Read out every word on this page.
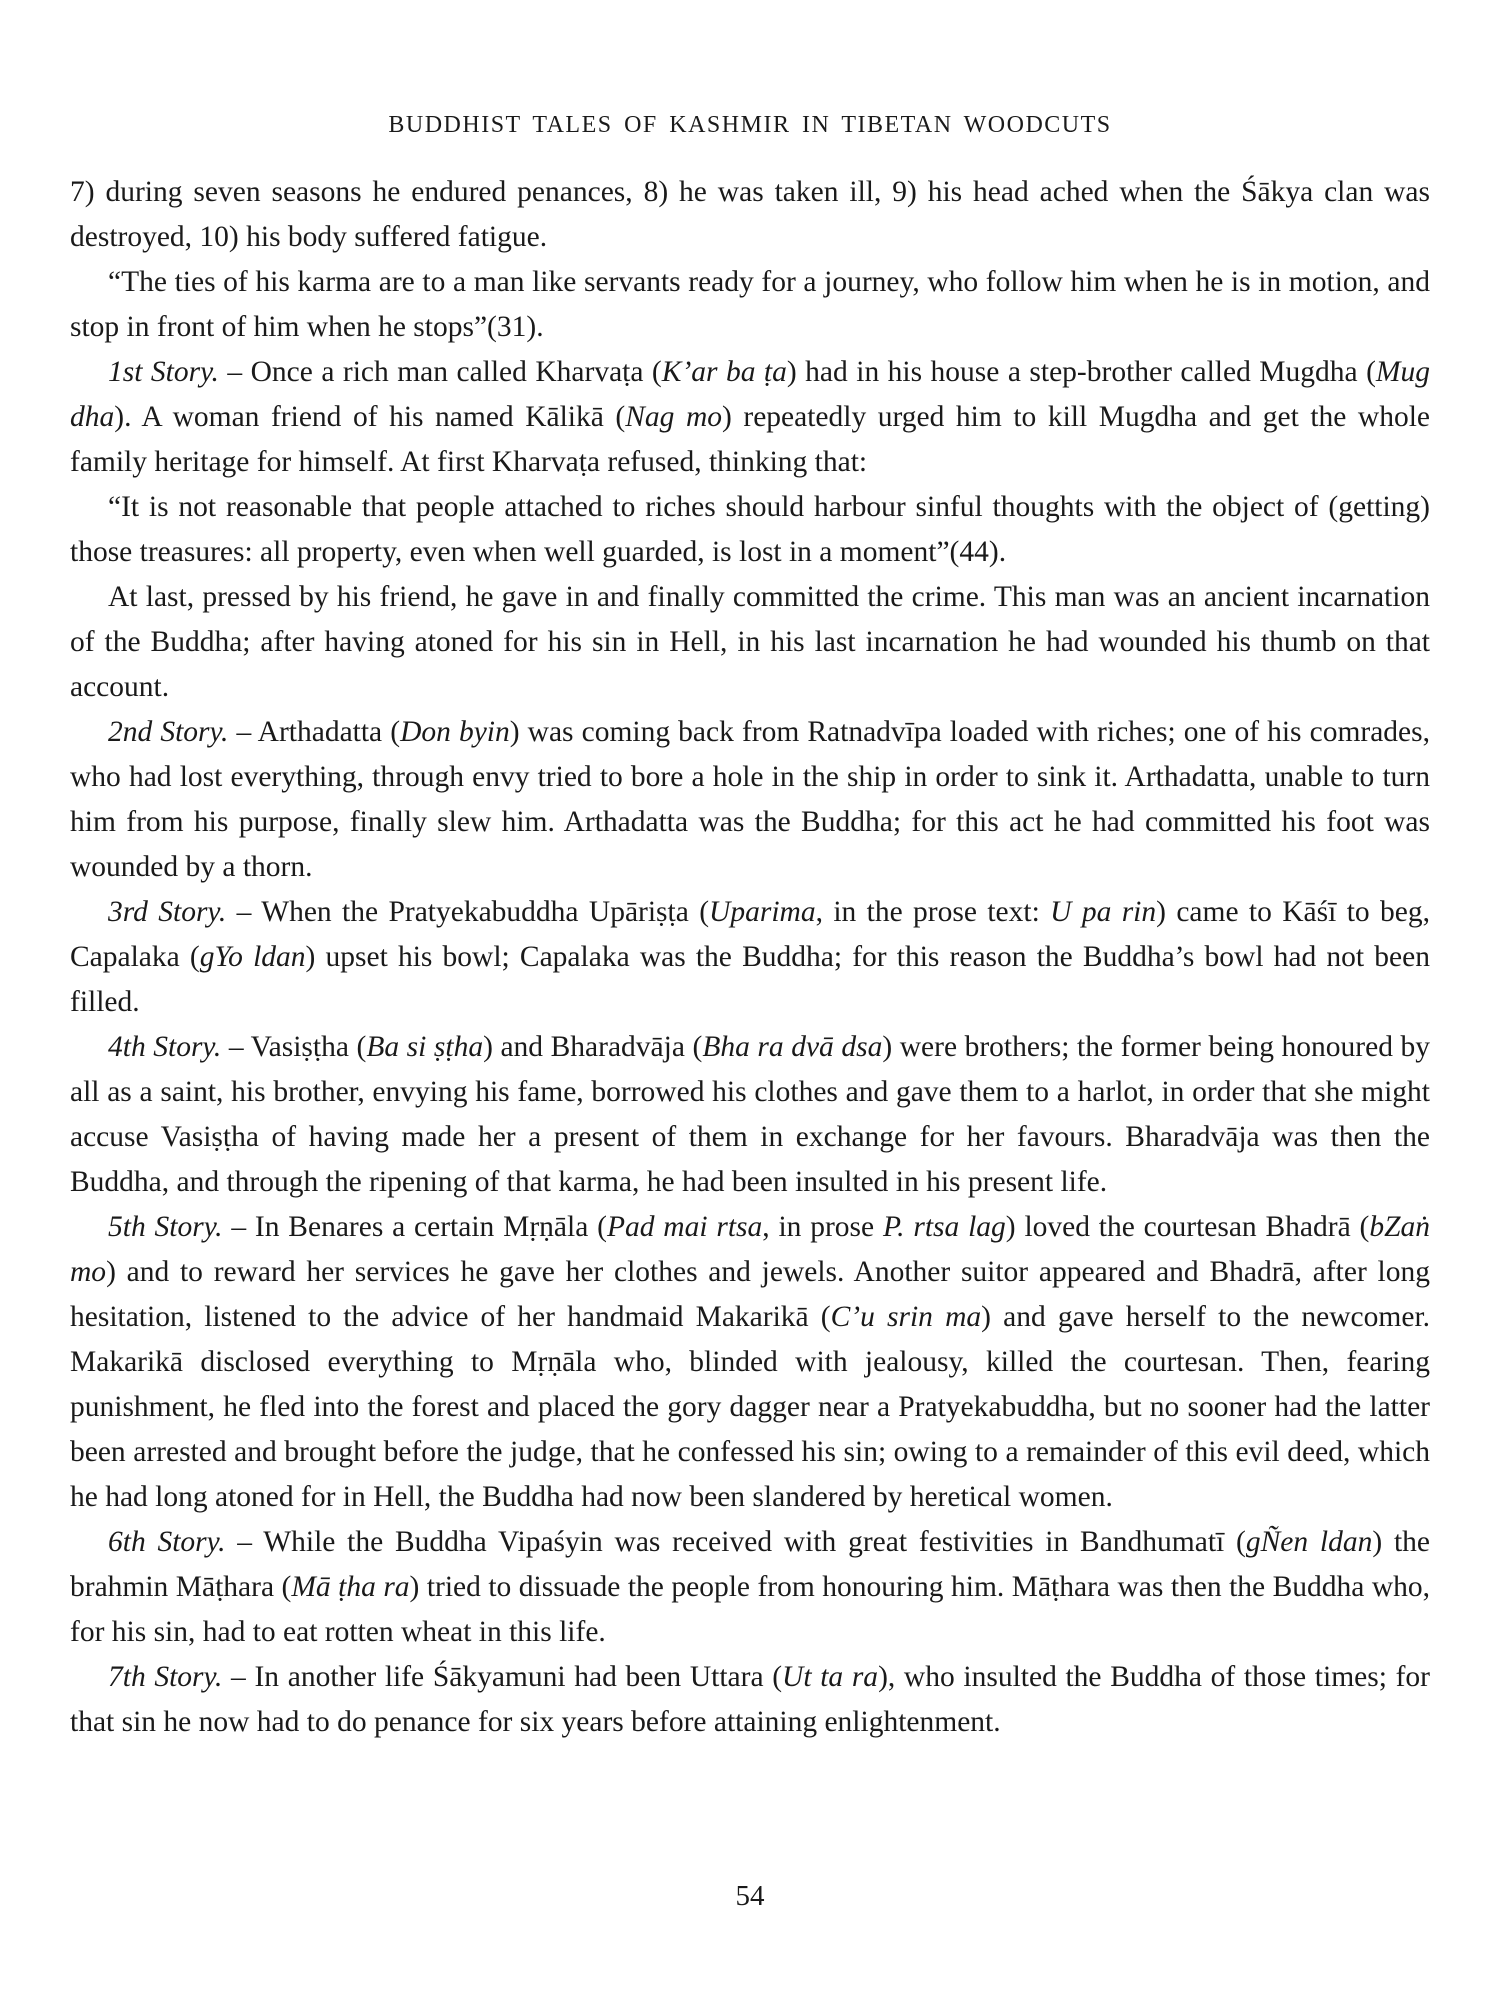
BUDDHIST TALES OF KASHMIR IN TIBETAN WOODCUTS

7) during seven seasons he endured penances, 8) he was taken ill, 9) his head ached when the Śākya clan was destroyed, 10) his body suffered fatigue.

“The ties of his karma are to a man like servants ready for a journey, who follow him when he is in motion, and stop in front of him when he stops”(31).

1st Story. – Once a rich man called Kharvaṭa (K’ar ba ṭa) had in his house a step-brother called Mugdha (Mug dha). A woman friend of his named Kālikā (Nag mo) repeatedly urged him to kill Mugdha and get the whole family heritage for himself. At first Kharvaṭa refused, thinking that:

“It is not reasonable that people attached to riches should harbour sinful thoughts with the object of (getting) those treasures: all property, even when well guarded, is lost in a moment”(44).

At last, pressed by his friend, he gave in and finally committed the crime. This man was an ancient incarnation of the Buddha; after having atoned for his sin in Hell, in his last incarnation he had wounded his thumb on that account.

2nd Story. – Arthadatta (Don byin) was coming back from Ratnadvīpa loaded with riches; one of his comrades, who had lost everything, through envy tried to bore a hole in the ship in order to sink it. Arthadatta, unable to turn him from his purpose, finally slew him. Arthadatta was the Buddha; for this act he had committed his foot was wounded by a thorn.

3rd Story. – When the Pratyekabuddha Upāriṣṭa (Uparima, in the prose text: U pa rin) came to Kāśī to beg, Capalaka (gYo ldan) upset his bowl; Capalaka was the Buddha; for this reason the Buddha’s bowl had not been filled.

4th Story. – Vasiṣṭha (Ba si ṣṭha) and Bharadvāja (Bha ra dvā dsa) were brothers; the former being honoured by all as a saint, his brother, envying his fame, borrowed his clothes and gave them to a harlot, in order that she might accuse Vasiṣṭha of having made her a present of them in exchange for her favours. Bharadvāja was then the Buddha, and through the ripening of that karma, he had been insulted in his present life.

5th Story. – In Benares a certain Mṛṇāla (Pad mai rtsa, in prose P. rtsa lag) loved the courtesan Bhadrā (bZaṅ mo) and to reward her services he gave her clothes and jewels. Another suitor appeared and Bhadrā, after long hesitation, listened to the advice of her handmaid Makarikā (C’u srin ma) and gave herself to the newcomer. Makarikā disclosed everything to Mṛṇāla who, blinded with jealousy, killed the courtesan. Then, fearing punishment, he fled into the forest and placed the gory dagger near a Pratyekabuddha, but no sooner had the latter been arrested and brought before the judge, that he confessed his sin; owing to a remainder of this evil deed, which he had long atoned for in Hell, the Buddha had now been slandered by heretical women.

6th Story. – While the Buddha Vipaśyin was received with great festivities in Bandhumatī (gÑen ldan) the brahmin Māṭhara (Mā ṭha ra) tried to dissuade the people from honouring him. Māṭhara was then the Buddha who, for his sin, had to eat rotten wheat in this life.

7th Story. – In another life Śākyamuni had been Uttara (Ut ta ra), who insulted the Buddha of those times; for that sin he now had to do penance for six years before attaining enlightenment.

54
